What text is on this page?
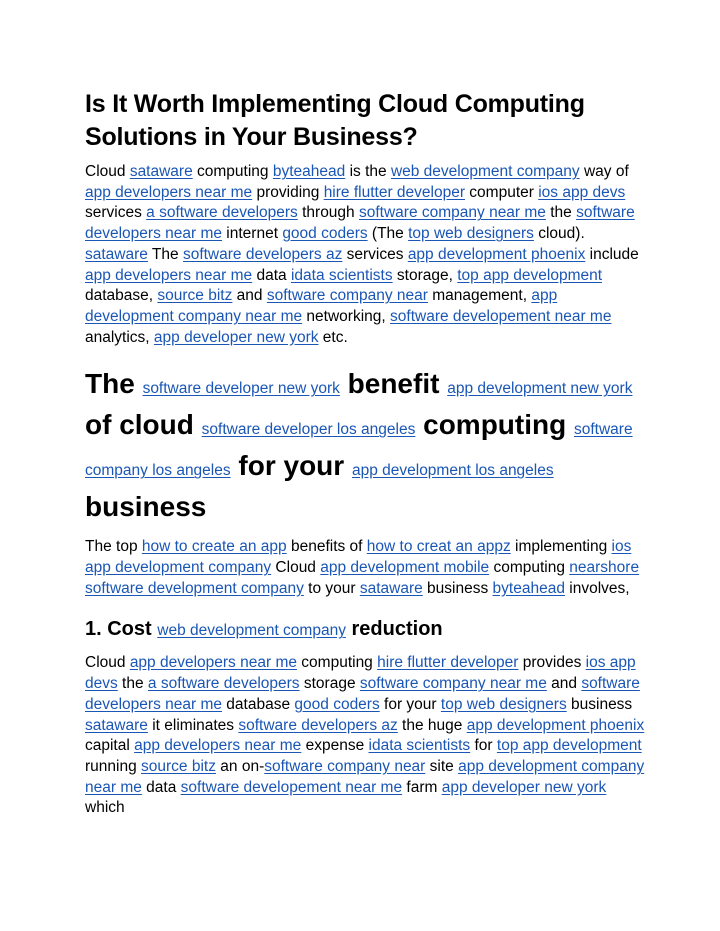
Is It Worth Implementing Cloud Computing Solutions in Your Business?

Cloud sataware computing byteahead is the web development company way of app developers near me providing hire flutter developer computer ios app devs services a software developers through software company near me the software developers near me internet good coders (The top web designers cloud). sataware The software developers az services app development phoenix include app developers near me data idata scientists storage, top app development database, source bitz and software company near management, app development company near me networking, software developement near me analytics, app developer new york etc.

The software developer new york benefit app development new york of cloud software developer los angeles computing software company los angeles for your app development los angeles business

The top how to create an app benefits of how to creat an appz implementing ios app development company Cloud app development mobile computing nearshore software development company to your sataware business byteahead involves,

1. Cost web development company reduction

Cloud app developers near me computing hire flutter developer provides ios app devs the a software developers storage software company near me and software developers near me database good coders for your top web designers business sataware it eliminates software developers az the huge app development phoenix capital app developers near me expense idata scientists for top app development running source bitz an on-software company near site app development company near me data software developement near me farm app developer new york which
